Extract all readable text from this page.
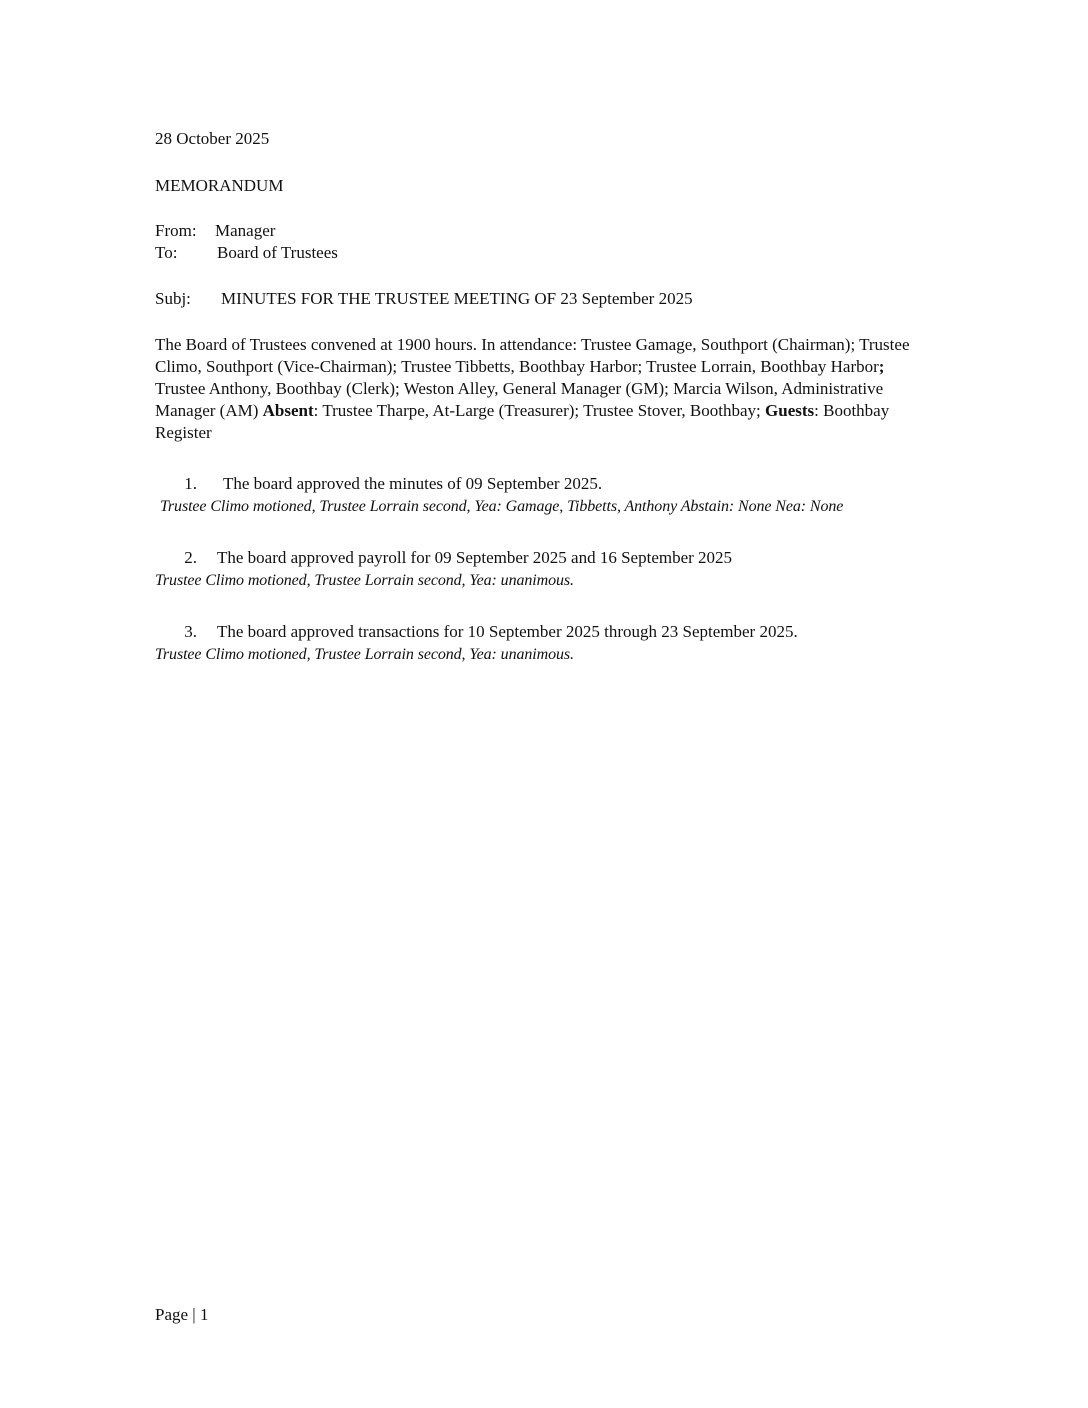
28 October 2025
MEMORANDUM
From: Manager
To: Board of Trustees
Subj: MINUTES FOR THE TRUSTEE MEETING OF 23 September 2025
The Board of Trustees convened at 1900 hours. In attendance: Trustee Gamage, Southport (Chairman); Trustee Climo, Southport (Vice-Chairman); Trustee Tibbetts, Boothbay Harbor; Trustee Lorrain, Boothbay Harbor; Trustee Anthony, Boothbay (Clerk); Weston Alley, General Manager (GM); Marcia Wilson, Administrative Manager (AM) Absent: Trustee Tharpe, At-Large (Treasurer); Trustee Stover, Boothbay; Guests: Boothbay Register
1. The board approved the minutes of 09 September 2025.
Trustee Climo motioned, Trustee Lorrain second, Yea: Gamage, Tibbetts, Anthony Abstain: None Nea: None
2. The board approved payroll for 09 September 2025 and 16 September 2025
Trustee Climo motioned, Trustee Lorrain second, Yea: unanimous.
3. The board approved transactions for 10 September 2025 through 23 September 2025.
Trustee Climo motioned, Trustee Lorrain second, Yea: unanimous.
Page | 1
